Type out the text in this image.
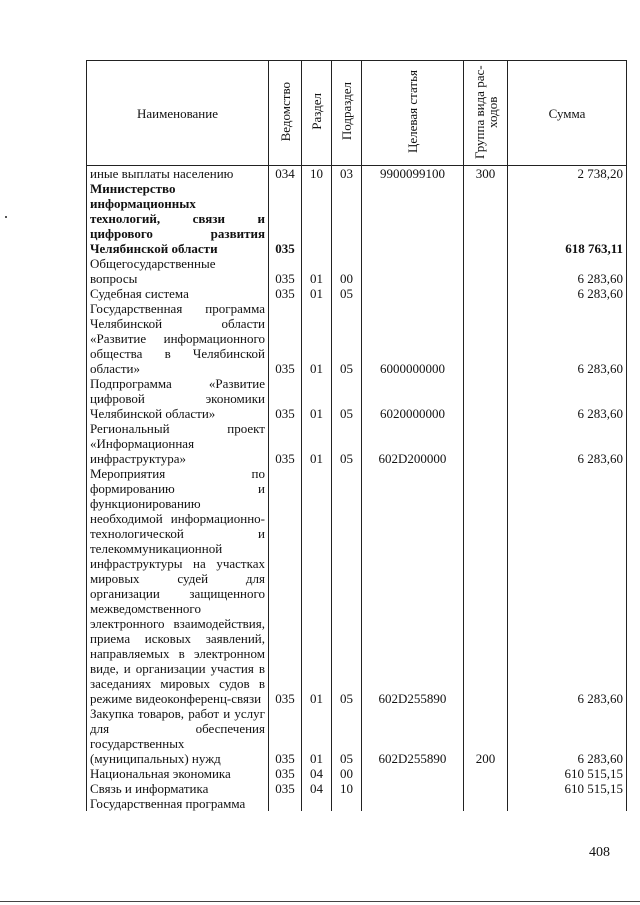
Наименование	Ведомство	Раздел	Подраздел	Целевая статья	Группа вида рас-ходов	Сумма
иные выплаты населению	034	10	03	9900099100	300	2 738,20
Министерство информационных технологий, связи и цифрового развития Челябинской области	035					618 763,11
Общегосударственные вопросы	035	01	00			6 283,60
Судебная система	035	01	05			6 283,60
Государственная программа Челябинской области «Развитие информационного общества в Челябинской области»	035	01	05	6000000000		6 283,60
Подпрограмма «Развитие цифровой экономики Челябинской области»	035	01	05	6020000000		6 283,60
Региональный проект «Информационная инфраструктура»	035	01	05	602D200000		6 283,60
Мероприятия по формированию и функционированию необходимой информационно-технологической и телекоммуникационной инфраструктуры на участках мировых судей для организации защищенного межведомственного электронного взаимодействия, приема исковых заявлений, направляемых в электронном виде, и организации участия в заседаниях мировых судов в режиме видеоконференц-связи	035	01	05	602D255890		6 283,60
Закупка товаров, работ и услуг для обеспечения государственных (муниципальных) нужд	035	01	05	602D255890	200	6 283,60
Национальная экономика	035	04	00			610 515,15
Связь и информатика	035	04	10			610 515,15
Государственная программа						
408
